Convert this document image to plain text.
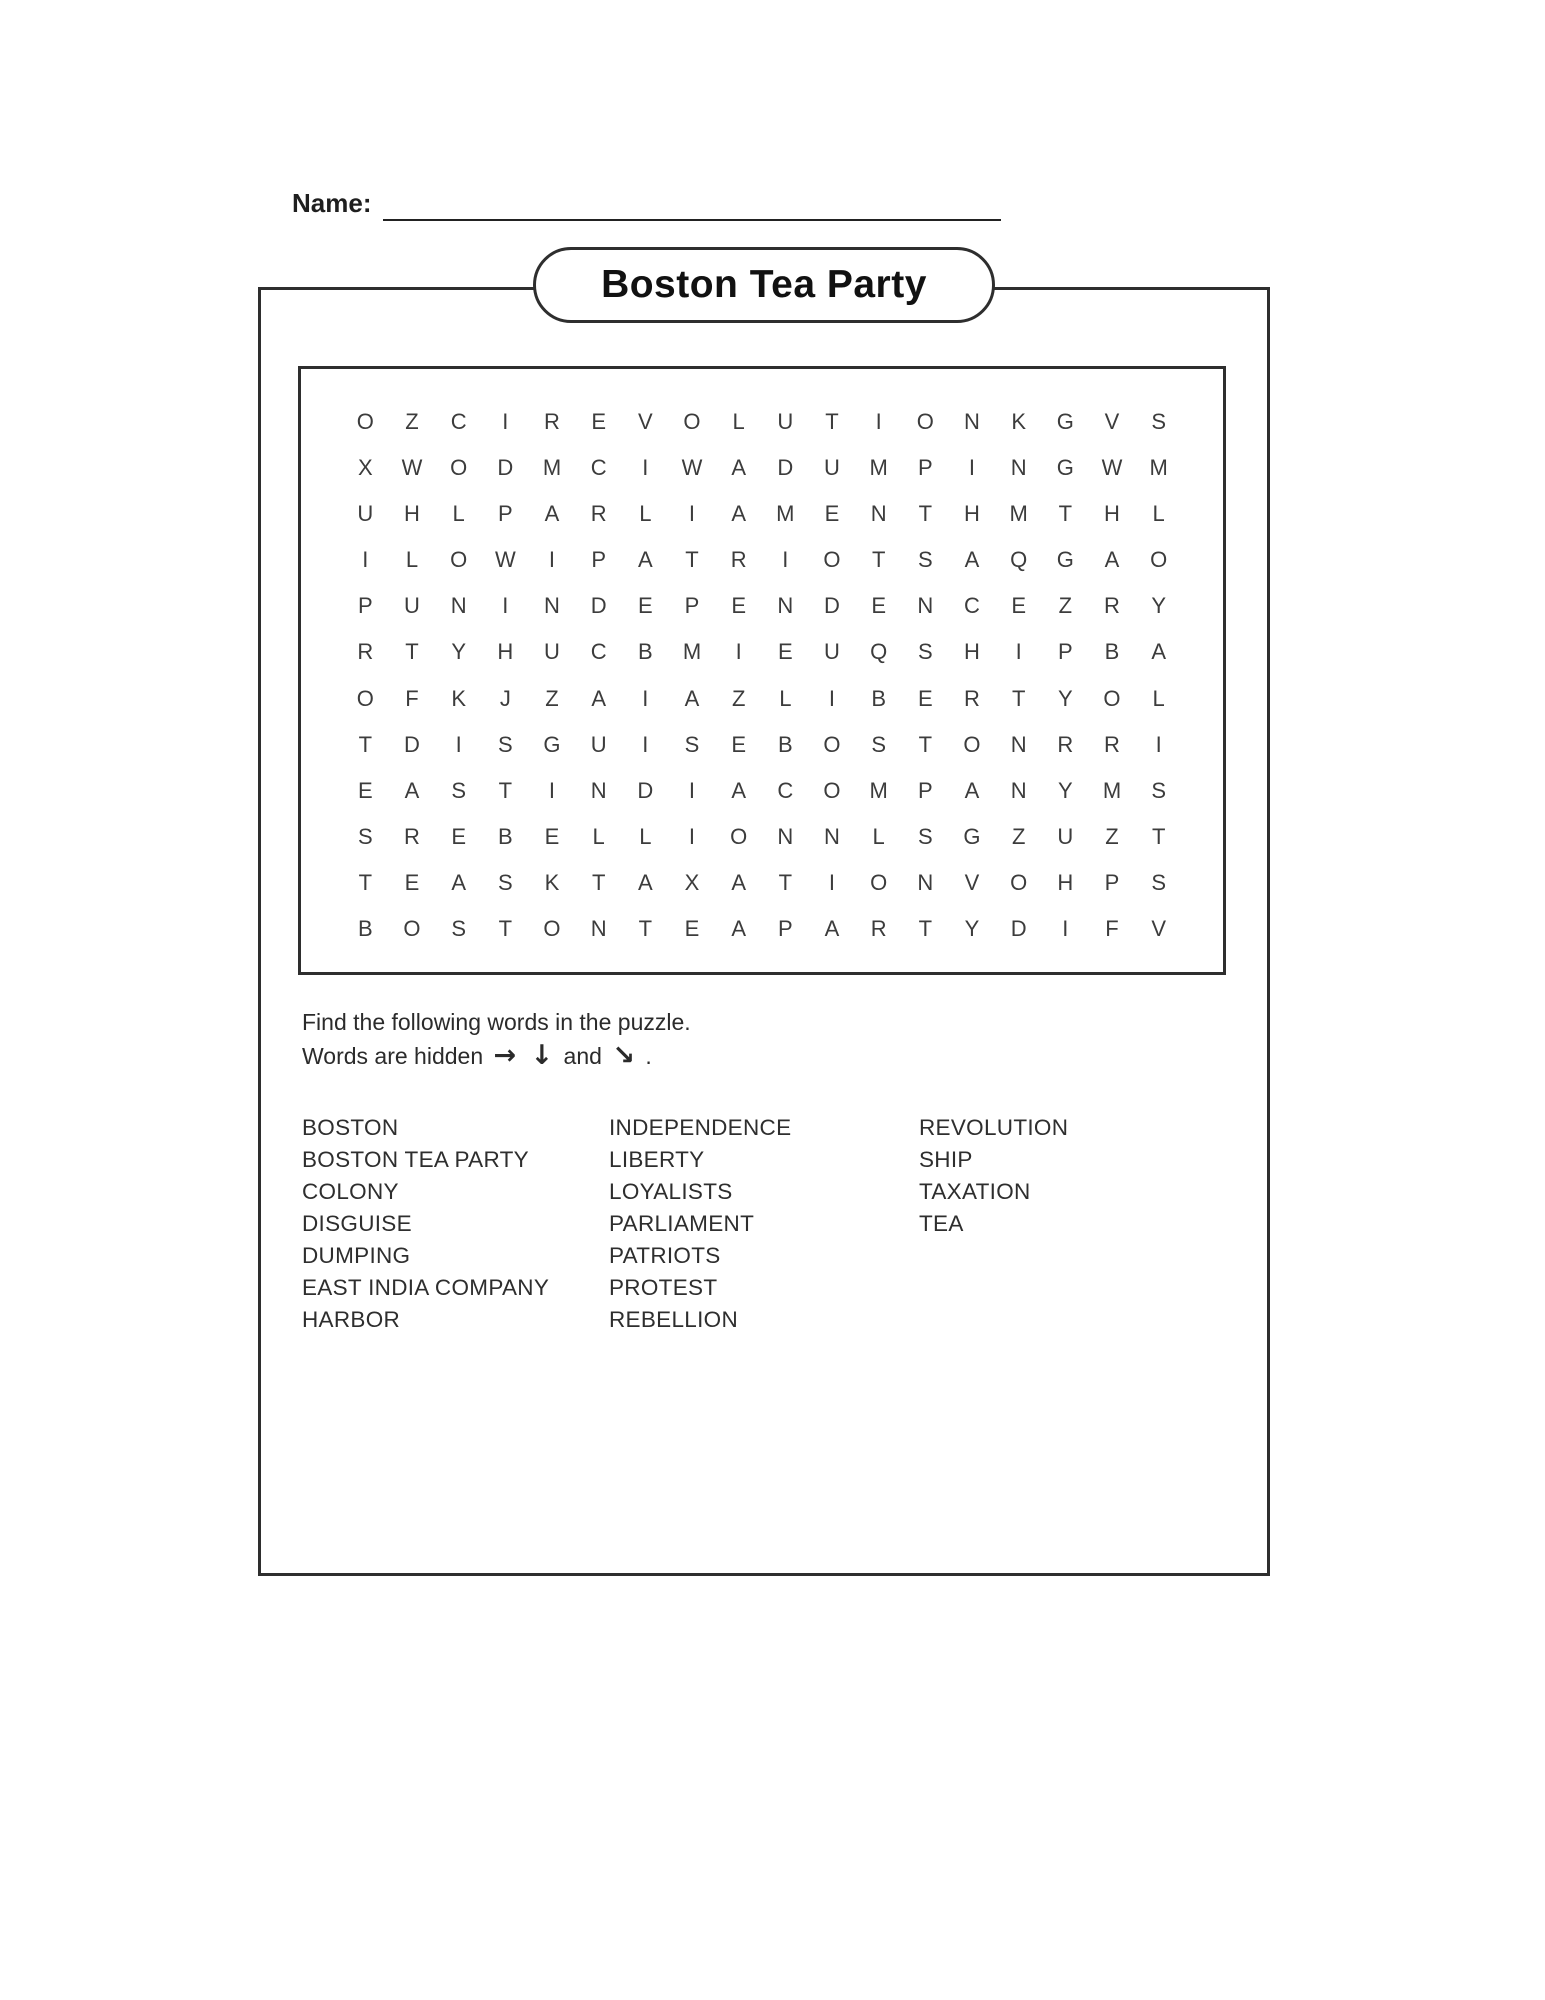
Name:
Boston Tea Party
O	Z	C	I	R	E	V	O	L	U	T	I	O	N	K	G	V	S
X	W	O	D	M	C	I	W	A	D	U	M	P	I	N	G	W	M
U	H	L	P	A	R	L	I	A	M	E	N	T	H	M	T	H	L
I	L	O	W	I	P	A	T	R	I	O	T	S	A	Q	G	A	O
P	U	N	I	N	D	E	P	E	N	D	E	N	C	E	Z	R	Y
R	T	Y	H	U	C	B	M	I	E	U	Q	S	H	I	P	B	A
O	F	K	J	Z	A	I	A	Z	L	I	B	E	R	T	Y	O	L
T	D	I	S	G	U	I	S	E	B	O	S	T	O	N	R	R	I
E	A	S	T	I	N	D	I	A	C	O	M	P	A	N	Y	M	S
S	R	E	B	E	L	L	I	O	N	N	L	S	G	Z	U	Z	T
T	E	A	S	K	T	A	X	A	T	I	O	N	V	O	H	P	S
B	O	S	T	O	N	T	E	A	P	A	R	T	Y	D	I	F	V
Find the following words in the puzzle.
Words are hidden → ↓ and ↘ .
BOSTON
BOSTON TEA PARTY
COLONY
DISGUISE
DUMPING
EAST INDIA COMPANY
HARBOR
INDEPENDENCE
LIBERTY
LOYALISTS
PARLIAMENT
PATRIOTS
PROTEST
REBELLION
REVOLUTION
SHIP
TAXATION
TEA
